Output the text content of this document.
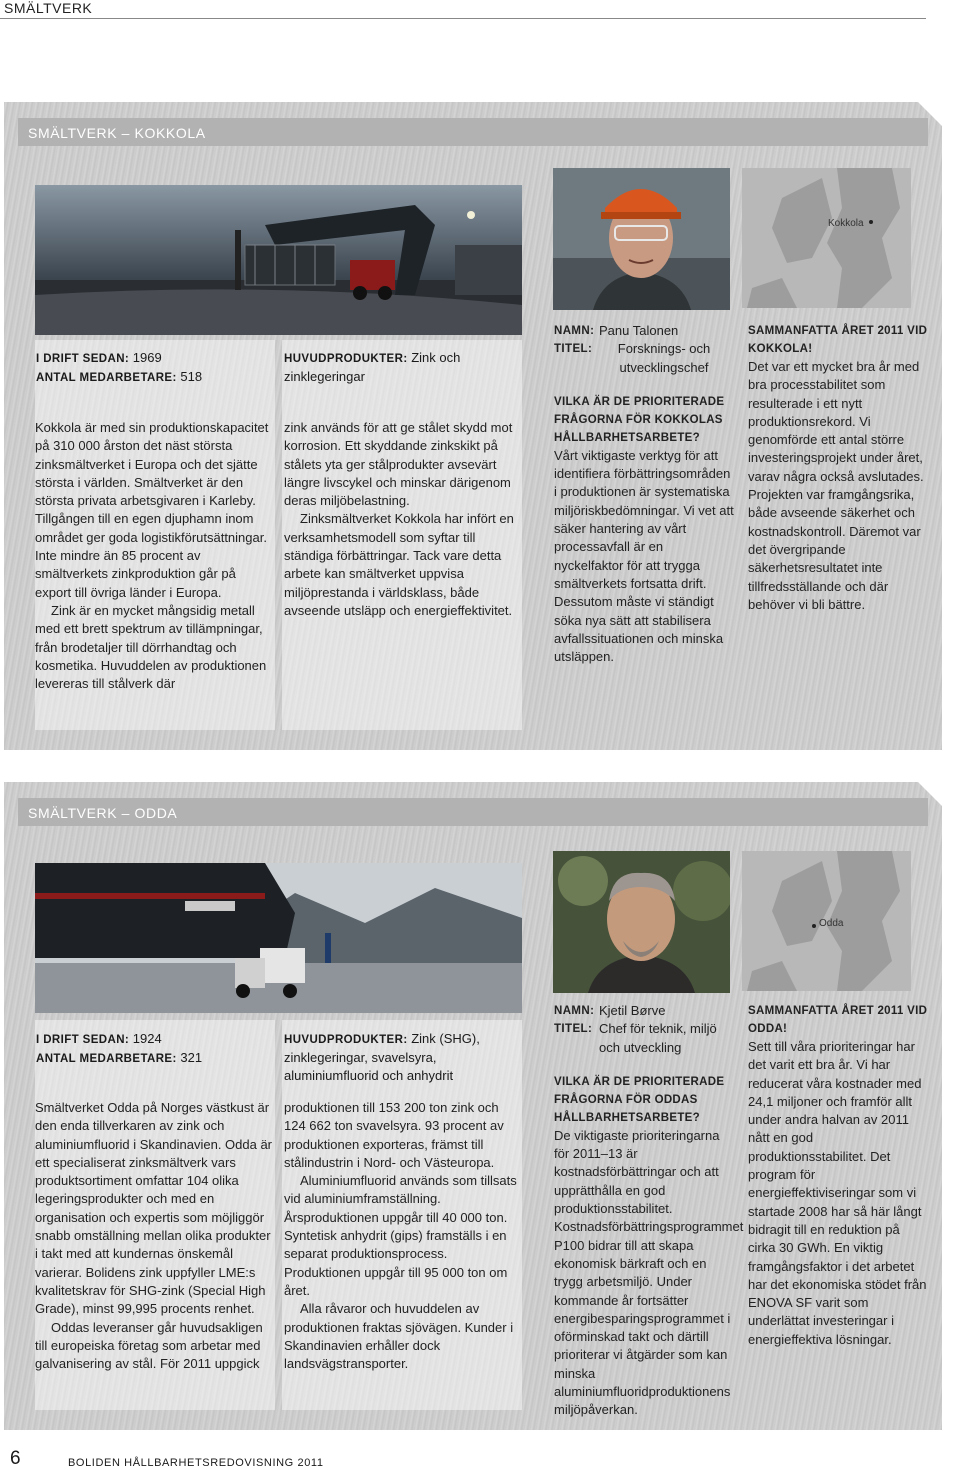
SMÄLTVERK
SMÄLTVERK – KOKKOLA
Kokkola
I DRIFT SEDAN: 1969
ANTAL MEDARBETARE: 518

Kokkola är med sin produktionskapacitet på 310 000 årston det näst största zinksmältverket i Europa och det sjätte största i världen. Smältverket är den största privata arbetsgivaren i Karleby. Tillgången till en egen djuphamn inom området ger goda logistikförutsättningar. Inte mindre än 85 procent av smältverkets zinkproduktion går på export till övriga länder i Europa.

Zink är en mycket mångsidig metall med ett brett spektrum av tillämpningar, från brodetaljer till dörrhandtag och kosmetika. Huvuddelen av produktionen levereras till stålverk där

HUVUDPRODUKTER: Zink och zinklegeringar

zink används för att ge stålet skydd mot korrosion. Ett skyddande zinkskikt på stålets yta ger stålprodukter avsevärt längre livscykel och minskar därigenom deras miljöbelastning.

Zinksmältverket Kokkola har infört en verksamhetsmodell som syftar till ständiga förbättringar. Tack vare detta arbete kan smältverket uppvisa miljöprestanda i världsklass, både avseende utsläpp och energieffektivitet.

NAMN: Panu Talonen
TITEL:	Forsknings- och utvecklingschef
VILKA ÄR DE PRIORITERADE FRÅGORNA FÖR KOKKOLAS HÅLLBARHETSARBETE?

Vårt viktigaste verktyg för att identifiera förbättringsområden i produktionen är systematiska miljöriskbedömningar. Vi vet att säker hantering av vårt processavfall är en nyckelfaktor för att trygga smältverkets fortsatta drift. Dessutom måste vi ständigt söka nya sätt att stabilisera avfallssituationen och minska utsläppen.

SAMMANFATTA ÅRET 2011 VID KOKKOLA!

Det var ett mycket bra år med bra processtabilitet som resulterade i ett nytt produktionsrekord. Vi genomförde ett antal större investeringsprojekt under året, varav några också avslutades. Projekten var framgångsrika, både avseende säkerhet och kostnadskontroll. Däremot var det övergripande säkerhetsresultatet inte tillfredsställande och där behöver vi bli bättre.

SMÄLTVERK – ODDA
Odda
I DRIFT SEDAN: 1924
ANTAL MEDARBETARE: 321

Smältverket Odda på Norges västkust är den enda tillverkaren av zink och aluminiumfluorid i Skandinavien. Odda är ett specialiserat zinksmältverk vars produktsortiment omfattar 104 olika legeringsprodukter och med en organisation och expertis som möjliggör snabb omställning mellan olika produkter i takt med att kundernas önskemål varierar. Bolidens zink uppfyller LME:s kvalitetskrav för SHG-zink (Special High Grade), minst 99,995 procents renhet.

Oddas leveranser går huvudsakligen till europeiska företag som arbetar med galvanisering av stål. För 2011 uppgick

HUVUDPRODUKTER: Zink (SHG), zinklegeringar, svavelsyra, aluminiumfluorid och anhydrit

produktionen till 153 200 ton zink och 124 662 ton svavelsyra. 93 procent av produktionen exporteras, främst till stålindustrin i Nord- och Västeuropa.

Aluminiumfluorid används som tillsats vid aluminiumframställning. Årsproduktionen uppgår till 40 000 ton. Syntetisk anhydrit (gips) framställs i en separat produktionsprocess. Produktionen uppgår till 95 000 ton om året.

Alla råvaror och huvuddelen av produktionen fraktas sjövägen. Kunder i Skandinavien erhåller dock landsvägstransporter.

NAMN: Kjetil Børve
TITEL: Chef för teknik, miljö och utveckling
VILKA ÄR DE PRIORITERADE FRÅGORNA FÖR ODDAS HÅLLBARHETSARBETE?

De viktigaste prioriteringarna för 2011–13 är kostnadsförbättringar och att upprätthålla en god produktionsstabilitet. Kostnadsförbättringsprogrammet P100 bidrar till att skapa ekonomisk bärkraft och en trygg arbetsmiljö. Under kommande år fortsätter energibesparingsprogrammet i oförminskad takt och därtill prioriterar vi åtgärder som kan minska aluminiumfluoridproduktionens miljöpåverkan.

SAMMANFATTA ÅRET 2011 VID ODDA!

Sett till våra prioriteringar har det varit ett bra år. Vi har reducerat våra kostnader med 24,1 miljoner och framför allt under andra halvan av 2011 nått en god produktionsstabilitet. Det program för energieffektiviseringar som vi startade 2008 har så här långt bidragit till en reduktion på cirka 30 GWh. En viktig framgångsfaktor i det arbetet har det ekonomiska stödet från ENOVA SF varit som underlättat investeringar i energieffektiva lösningar.

6	BOLIDEN HÅLLBARHETSREDOVISNING 2011
